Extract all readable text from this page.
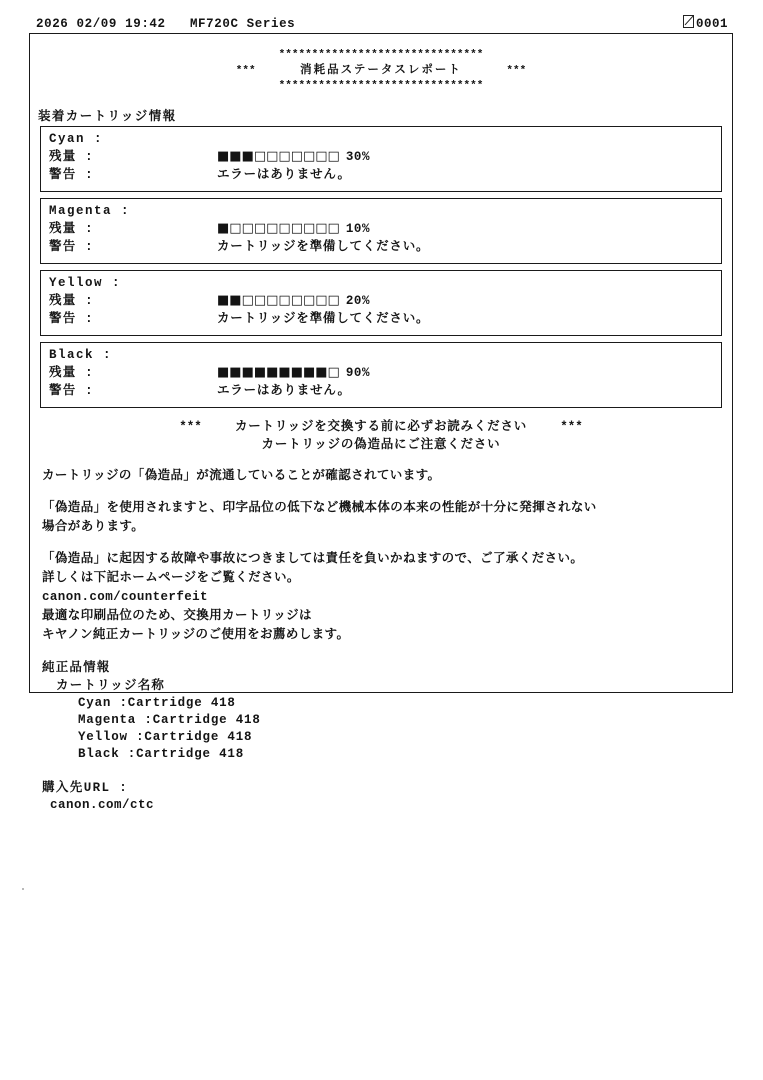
2026 02/09 19:42 MF720C Series	0001
*******************************
***	消耗品ステータスレポート	***
*******************************
装着カートリッジ情報
Cyan :
残量 :	■■■□□□□□□□ 30%
警告 :	エラーはありません。
Magenta :
残量 :	■□□□□□□□□□ 10%
警告 :	カートリッジを準備してください。
Yellow :
残量 :	■■□□□□□□□□ 20%
警告 :	カートリッジを準備してください。
Black :
残量 :	■■■■■■■■■□ 90%
警告 :	エラーはありません。
***	カートリッジを交換する前に必ずお読みください	***
カートリッジの偽造品にご注意ください
カートリッジの「偽造品」が流通していることが確認されています。
「偽造品」を使用されますと、印字品位の低下など機械本体の本来の性能が十分に発揮されない
場合があります。
「偽造品」に起因する故障や事故につきましては責任を負いかねますので、ご了承ください。
詳しくは下記ホームページをご覧ください。
canon.com/counterfeit
最適な印刷品位のため、交換用カートリッジは
キヤノン純正カートリッジのご使用をお薦めします。
純正品情報
カートリッジ名称
Cyan :Cartridge 418
Magenta :Cartridge 418
Yellow :Cartridge 418
Black :Cartridge 418
購入先URL :
canon.com/ctc
